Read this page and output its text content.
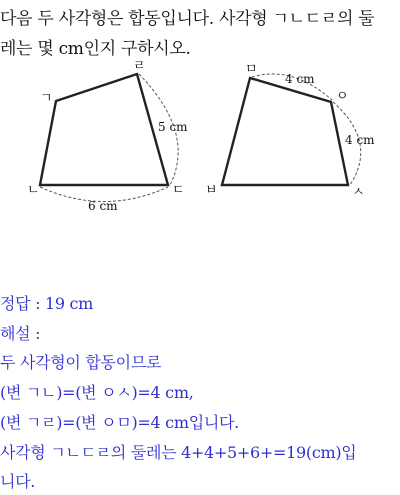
다음 두 사각형은 합동입니다. 사각형 ㄱㄴㄷㄹ의 둘
레는 몇 cm인지 구하시오.
ㄱ
ㄴ	ㄷ
ㄹ
6 cm
5 cm
ㅁ
ㅂ	ㅅ
ㅇ
4 cm
4 cm
정답 : 19 cm
해설 :
두 사각형이 합동이므로
(변 ㄱㄴ)=(변 ㅇㅅ)=4 cm,
(변 ㄱㄹ)=(변 ㅇㅁ)=4 cm입니다.
사각형 ㄱㄴㄷㄹ의 둘레는 4+4+5+6+=19(cm)입
니다.
